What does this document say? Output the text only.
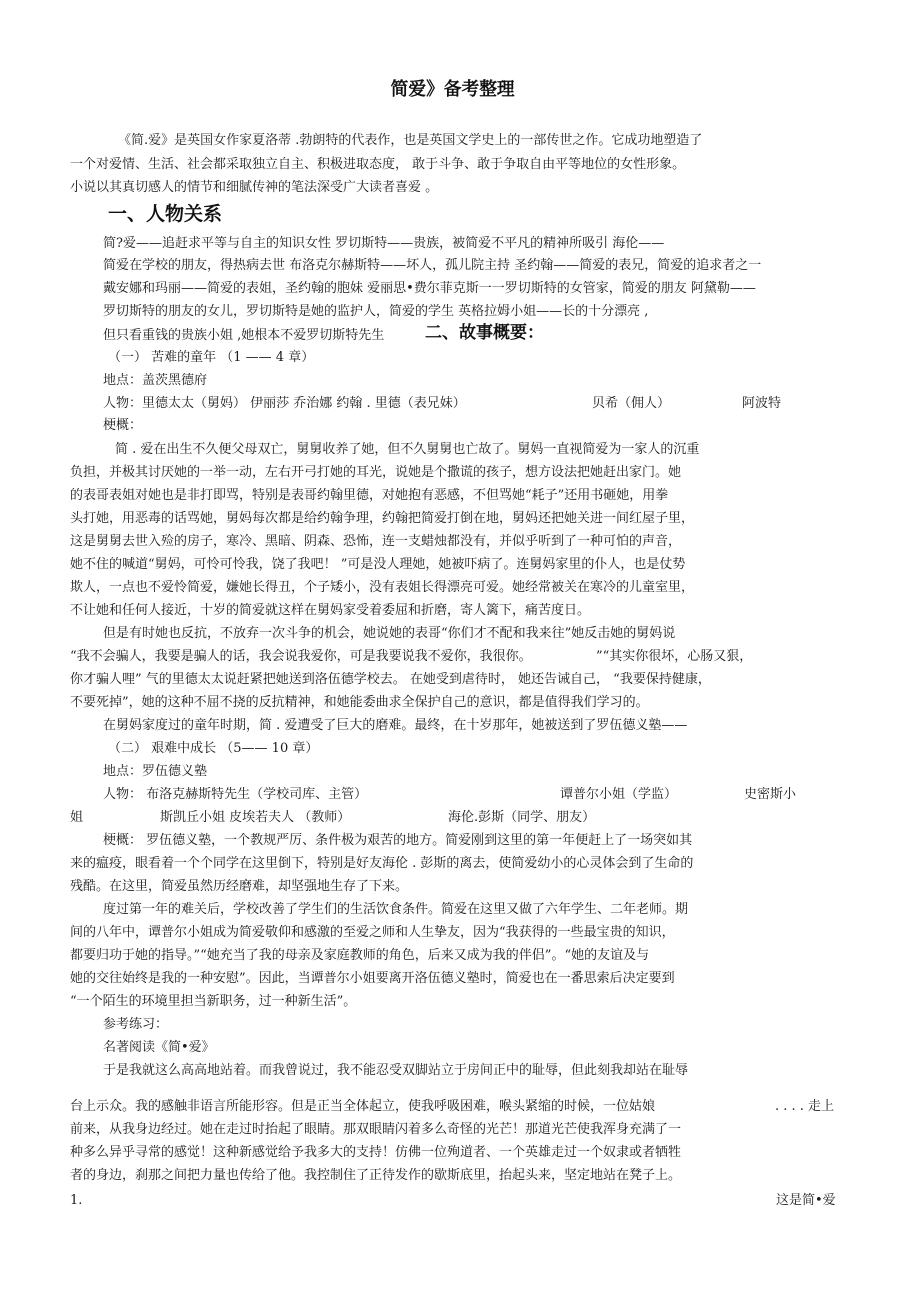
简爱》备考整理
《简.爱》是英国女作家夏洛蒂 .勃朗特的代表作，也是英国文学史上的一部传世之作。它成功地塑造了
一个对爱情、生活、社会都采取独立自主、积极进取态度， 敢于斗争、敢于争取自由平等地位的女性形象。
小说以其真切感人的情节和细腻传神的笔法深受广大读者喜爱 。
一、人物关系
简?爱——追赶求平等与自主的知识女性 罗切斯特——贵族，被简爱不平凡的精神所吸引 海伦——
简爱在学校的朋友，得热病去世 布洛克尔赫斯特——坏人，孤儿院主持 圣约翰——简爱的表兄，简爱的追求者之一
戴安娜和玛丽——简爱的表姐，圣约翰的胞妹 爱丽思•费尔菲克斯一一罗切斯特的女管家，简爱的朋友 阿黛勒——
罗切斯特的朋友的女儿，罗切斯特是她的监护人，简爱的学生 英格拉姆小姐——长的十分漂亮 ,
但只看重钱的贵族小姐 ,她根本不爱罗切斯特先生 二、故事概要：
（一） 苦难的童年 （1 —— 4 章）
地点：盖茨黑德府
人物：里德太太（舅妈） 伊丽莎 乔治娜 约翰 . 里德（表兄妹）	贝希（佣人）	阿波特
梗概：
简 . 爱在出生不久便父母双亡，舅舅收养了她，但不久舅舅也亡故了。舅妈一直视简爱为一家人的沉重
负担，并极其讨厌她的一举一动，左右开弓打她的耳光，说她是个撒谎的孩子，想方设法把她赶出家门。她
的表哥表姐对她也是非打即骂，特别是表哥约翰里德，对她抱有恶感，不但骂她“耗子”还用书砸她，用拳
头打她，用恶毒的话骂她，舅妈每次都是给约翰争理，约翰把简爱打倒在地，舅妈还把她关进一间红屋子里，
这是舅舅去世入殓的房子，寒冷、黑暗、阴森、恐怖，连一支蜡烛都没有，并似乎听到了一种可怕的声音，
她不住的喊道“舅妈，可怜可怜我，饶了我吧！ ”可是没人理她，她被吓病了。连舅妈家里的仆人，也是仗势
欺人，一点也不爱怜简爱，嫌她长得丑，个子矮小，没有表姐长得漂亮可爱。她经常被关在寒冷的儿童室里，
不让她和任何人接近，十岁的简爱就这样在舅妈家受着委屈和折磨，寄人篱下，痛苦度日。
但是有时她也反抗，不放弃一次斗争的机会，她说她的表哥“你们才不配和我来往”她反击她的舅妈说
“我不会骗人，我要是骗人的话，我会说我爱你，可是我要说我不爱你，我很你。	”“其实你很坏，心肠又狠，
你才骗人哩” 气的里德太太说赶紧把她送到洛伍德学校去。 在她受到虐待时， 她还告诫自己， “我要保持健康，
不要死掉”，她的这种不屈不挠的反抗精神，和她能委曲求全保护自己的意识，都是值得我们学习的。
在舅妈家度过的童年时期，简 . 爱遭受了巨大的磨难。最终，在十岁那年，她被送到了罗伍德义塾——
（二） 艰难中成长 （5—— 10 章）
地点：罗伍德义塾
人物： 布洛克赫斯特先生（学校司库、主管）	谭普尔小姐（学监）	史密斯小
姐	斯凯丘小姐 皮埃若夫人 （教师）	海伦.彭斯（同学、朋友）
梗概： 罗伍德义塾，一个教规严厉、条件极为艰苦的地方。简爱刚到这里的第一年便赶上了一场突如其
来的瘟疫，眼看着一个个同学在这里倒下，特别是好友海伦 . 彭斯的离去，使简爱幼小的心灵体会到了生命的
残酷。在这里，简爱虽然历经磨难，却坚强地生存了下来。
度过第一年的难关后，学校改善了学生们的生活饮食条件。简爱在这里又做了六年学生、二年老师。期
间的八年中，谭普尔小姐成为简爱敬仰和感激的至爱之师和人生挚友，因为“我获得的一些最宝贵的知识，
都要归功于她的指导。”“她充当了我的母亲及家庭教师的角色，后来又成为我的伴侣”。“她的友谊及与
她的交往始终是我的一种安慰”。因此，当谭普尔小姐要离开洛伍德义塾时，简爱也在一番思索后决定要到
“一个陌生的环境里担当新职务，过一种新生活”。
参考练习：
名著阅读《简•爱》
于是我就这么高高地站着。而我曾说过，我不能忍受双脚站立于房间正中的耻辱，但此刻我却站在耻辱
台上示众。我的感触非语言所能形容。但是正当全体起立，使我呼吸困难，喉头紧缩的时候，一位姑娘	. . . . 走上
前来，从我身边经过。她在走过时抬起了眼睛。那双眼睛闪着多么奇怪的光芒！那道光芒使我浑身充满了一
种多么异乎寻常的感觉！这种新感觉给予我多大的支持！仿佛一位殉道者、一个英雄走过一个奴隶或者牺牲
者的身边，刹那之间把力量也传给了他。我控制住了正待发作的歇斯底里，抬起头来，坚定地站在凳子上。
1.	这是简•爱
